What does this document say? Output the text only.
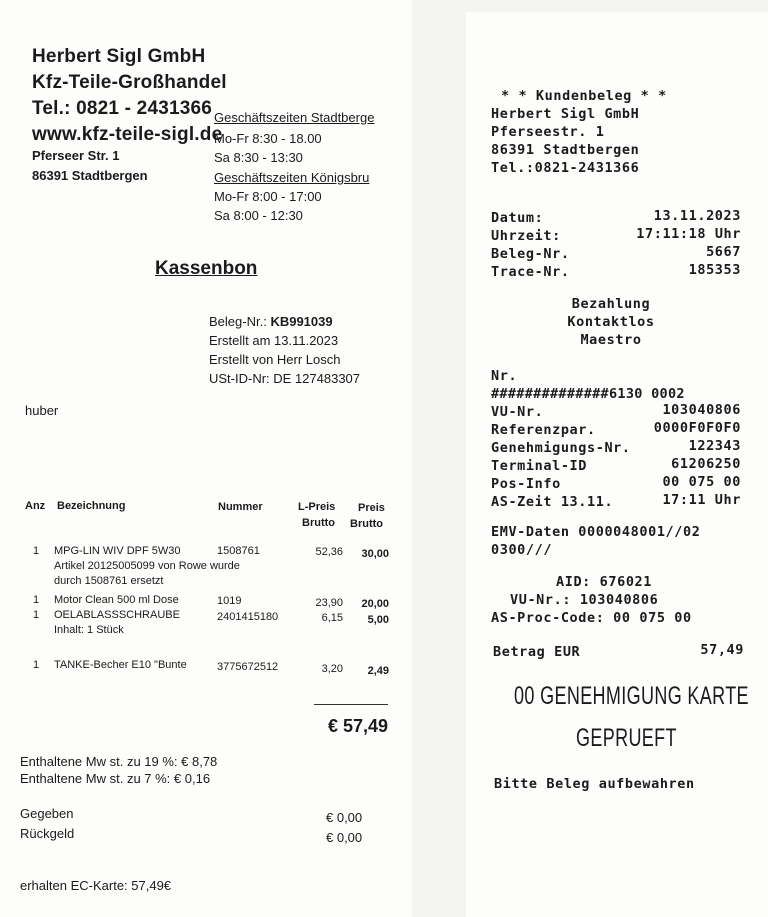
Herbert Sigl GmbH
Kfz-Teile-Großhandel
Tel.: 0821 - 2431366
www.kfz-teile-sigl.de
Pferseer Str. 1
86391 Stadtbergen
Geschäftszeiten Stadtberge
Mo-Fr 8:30 - 18.00
Sa 8:30 - 13:30
Geschäftszeiten Königsbru
Mo-Fr 8:00 - 17:00
Sa 8:00 - 12:30
Kassenbon
Beleg-Nr.: KB991039
Erstellt am 13.11.2023
Erstellt von Herr Losch
USt-ID-Nr: DE 127483307
huber
Anz Bezeichnung	Nummer	L-Preis Preis
Brutto Brutto
1 MPG-LIN WIV DPF 5W30	1508761	52,36	30,00
Artikel 20125005099 von Rowe wurde
durch 1508761 ersetzt
1 Motor Clean 500 ml Dose	1019	23,90	20,00
1 OELABLASSSCHRAUBE	2401415180	6,15	5,00
Inhalt: 1 Stück
1 TANKE-Becher E10 "Bunte	3775672512	3,20	2,49
€ 57,49
Enthaltene Mw st. zu 19 %: € 8,78
Enthaltene Mw st. zu 7 %: € 0,16
Gegeben	€ 0,00
Rückgeld	€ 0,00
erhalten EC-Karte: 57,49€
* * Kundenbeleg * *
Herbert Sigl GmbH
Pferseestr. 1
86391 Stadtbergen
Tel.:0821-2431366
Datum:	13.11.2023
Uhrzeit:	17:11:18 Uhr
Beleg-Nr.	5667
Trace-Nr.	185353
Bezahlung
Kontaktlos
Maestro
Nr.
##############6130 0002
VU-Nr.	103040806
Referenzpar.	0000F0F0F0
Genehmigungs-Nr.	122343
Terminal-ID	61206250
Pos-Info	00 075 00
AS-Zeit 13.11.	17:11 Uhr
EMV-Daten 0000048001//02
0300///
AID: 676021
VU-Nr.: 103040806
AS-Proc-Code: 00 075 00
Betrag EUR	57,49
00 GENEHMIGUNG KARTE
GEPRUEFT
Bitte Beleg aufbewahren
